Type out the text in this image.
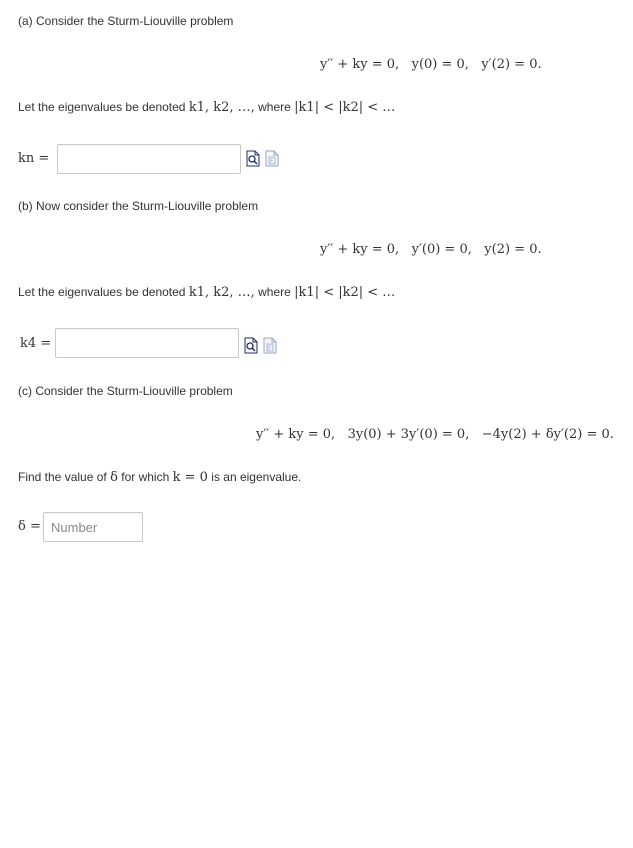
(a) Consider the Sturm-Liouville problem
y′′ + ky = 0, y(0) = 0, y′(2) = 0.
Let the eigenvalues be denoted k1, k2, …, where |k1| < |k2| < …
kn =	F
(b) Now consider the Sturm-Liouville problem
y′′ + ky = 0, y′(0) = 0, y(2) = 0.
Let the eigenvalues be denoted k1, k2, …, where |k1| < |k2| < …
k4 =	F
(c) Consider the Sturm-Liouville problem
y′′ + ky = 0, 3y(0) + 3y′(0) = 0, −4y(2) + δy′(2) = 0.
Find the value of δ for which k = 0 is an eigenvalue.
δ =
Number
